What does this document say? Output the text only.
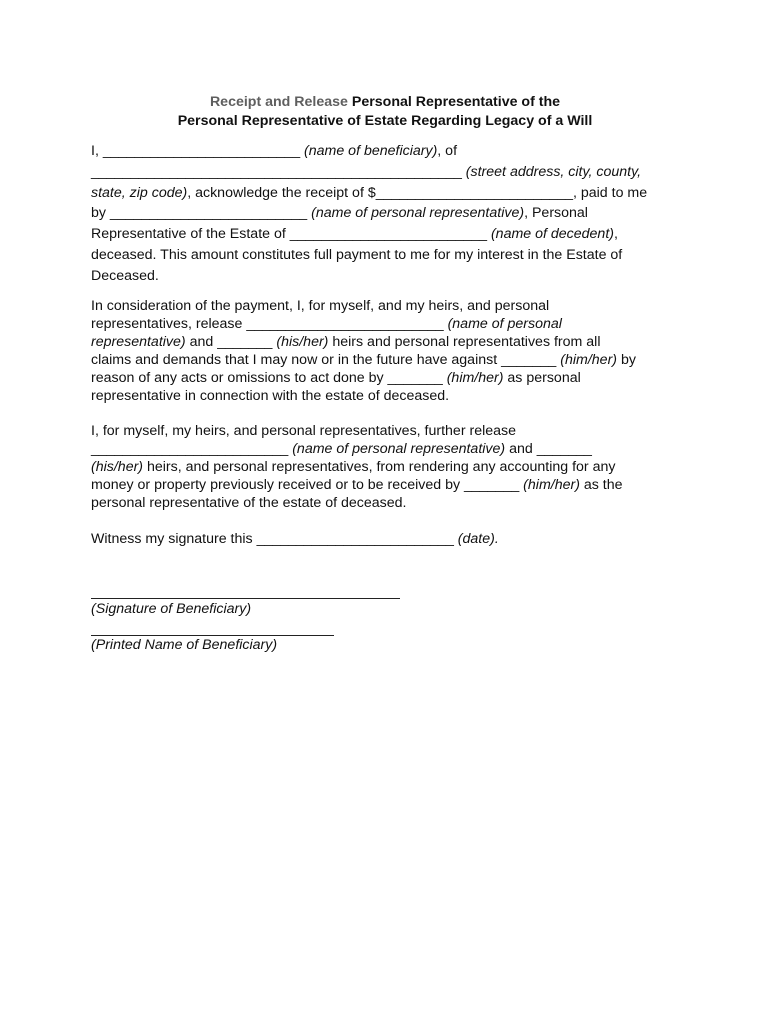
Receipt and Release Personal Representative of the
Personal Representative of Estate Regarding Legacy of a Will
I, _________________________ (name of beneficiary), of
_______________________________________________ (street address, city, county,
state, zip code), acknowledge the receipt of $_________________________, paid to me
by _________________________ (name of personal representative), Personal
Representative of the Estate of _________________________ (name of decedent),
deceased. This amount constitutes full payment to me for my interest in the Estate of
Deceased.
In consideration of the payment, I, for myself, and my heirs, and personal
representatives, release _________________________ (name of personal
representative) and _______ (his/her) heirs and personal representatives from all
claims and demands that I may now or in the future have against _______ (him/her) by
reason of any acts or omissions to act done by _______ (him/her) as personal
representative in connection with the estate of deceased.
I, for myself, my heirs, and personal representatives, further release
_________________________ (name of personal representative) and _______
(his/her) heirs, and personal representatives, from rendering any accounting for any
money or property previously received or to be received by _______ (him/her) as the
personal representative of the estate of deceased.
Witness my signature this _________________________ (date).
(Signature of Beneficiary)
(Printed Name of Beneficiary)
